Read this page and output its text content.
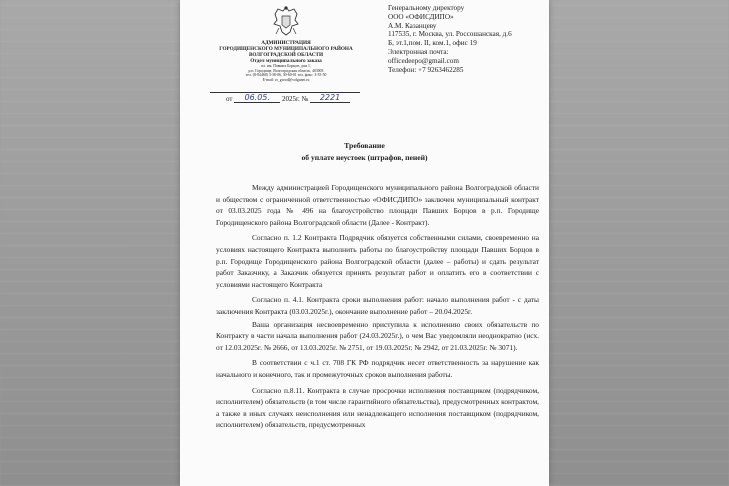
АДМИНИСТРАЦИЯ
ГОРОДИЩЕНСКОГО МУНИЦИПАЛЬНОГО РАЙОНА
ВОЛГОГРАДСКОЙ ОБЛАСТИ
Отдел муниципального заказа
пл. им. Павших Борцов, дом 1,
р.п. Городище, Волгоградская область, 403003
тел. (8-84468) 3-38-06, 30-60-01 тел. факс: 3-35-50
E-mail: zr_gorod@volganet.ru
Генеральному директору
ООО «ОФИСДИПО»
А.М. Казанцеву
117535, г. Москва, ул. Россошанская, д.6
Б, эт.1,пом. II, ком.1, офис 19
Электронная почта:
officedeepo@gmail.com
Телефон: +7 9263462285
от 06.05. 2025г. № 2221
Требование
об уплате неустоек (штрафов, пеней)

Между администрацией Городищенского муниципального района Волгоградской области и обществом с ограниченной ответственностью «ОФИСДИПО» заключен муниципальный контракт от 03.03.2025 года № 496 на благоустройство площади Павших Борцов в р.п. Городище Городищенского района Волгоградской области (Далее - Контракт).

Согласно п. 1.2 Контракта Подрядчик обязуется собственными силами, своевременно на условиях настоящего Контракта выполнить работы по благоустройству площади Павших Борцов в р.п. Городище Городищенского района Волгоградской области (далее – работы) и сдать результат работ Заказчику, а Заказчик обязуется принять результат работ и оплатить его в соответствии с условиями настоящего Контракта

Согласно п. 4.1. Контракта сроки выполнения работ: начало выполнения работ - с даты заключения Контракта (03.03.2025г.), окончание выполнение работ – 20.04.2025г.

Ваша организация несвоевременно приступила к исполнению своих обязательств по Контракту в части начала выполнения работ (24.03.2025г.), о чем Вас уведомляли неоднократно (исх. от 12.03.2025г. № 2666, от 13.03.2025г. № 2751, от 19.03.2025г. № 2942, от 21.03.2025г. № 3071).

В соответствии с ч.1 ст. 708 ГК РФ подрядчик несет ответственность за нарушение как начального и конечного, так и промежуточных сроков выполнения работы.

Согласно п.8.11. Контракта в случае просрочки исполнения поставщиком (подрядчиком, исполнителем) обязательств (в том числе гарантийного обязательства), предусмотренных контрактом, а также в иных случаях неисполнения или ненадлежащего исполнения поставщиком (подрядчиком, исполнителем) обязательств, предусмотренных
